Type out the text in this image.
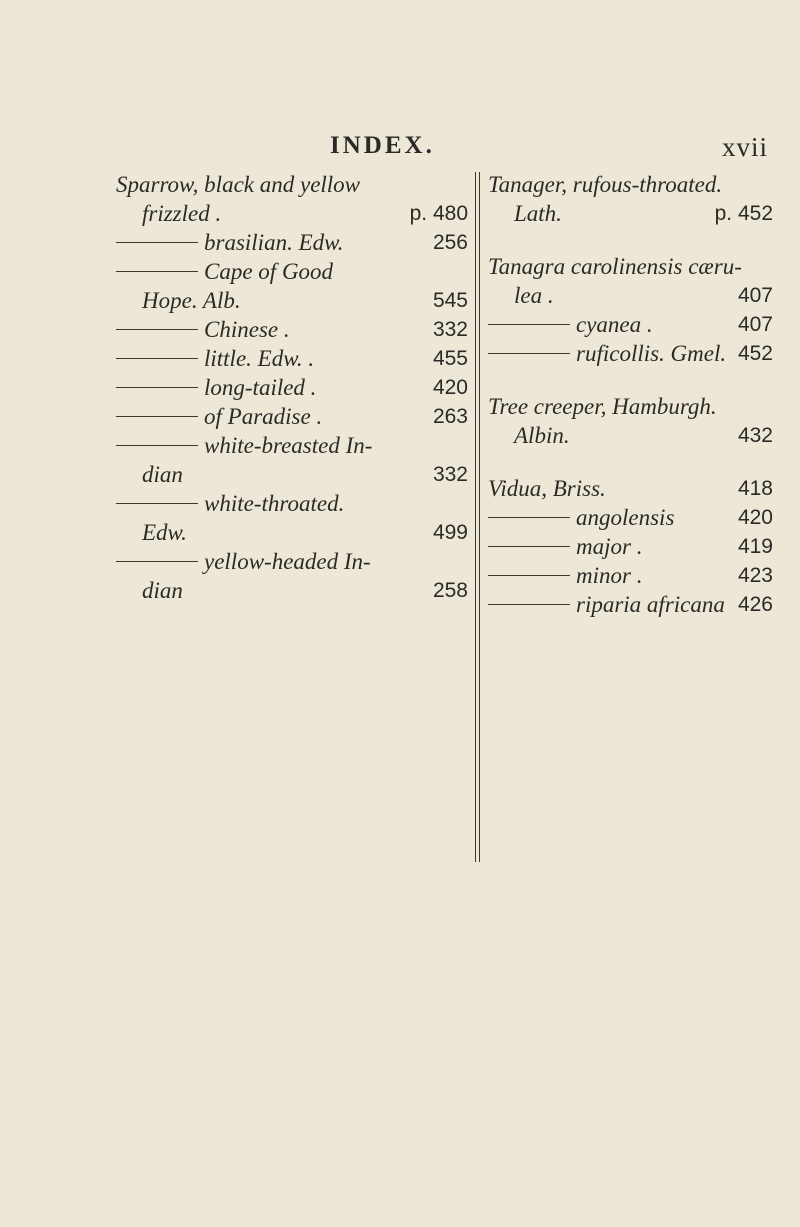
INDEX.	xvii
Sparrow, black and yellow
frizzled .	p. 480
brasilian. Edw.	256
Cape of Good
Hope. Alb.	545
Chinese .	332
little. Edw. .	455
long-tailed .	420
of Paradise .	263
white-breasted In-
dian	332
white-throated.
Edw.	499
yellow-headed In-
dian	258
Tanager, rufous-throated.
Lath.	p. 452
Tanagra carolinensis cæru-
lea .	407
cyanea .	407
ruficollis. Gmel. 452
Tree creeper, Hamburgh.
Albin.	432
Vidua, Briss.	418
angolensis	420
major .	419
minor .	423
riparia africana 426
